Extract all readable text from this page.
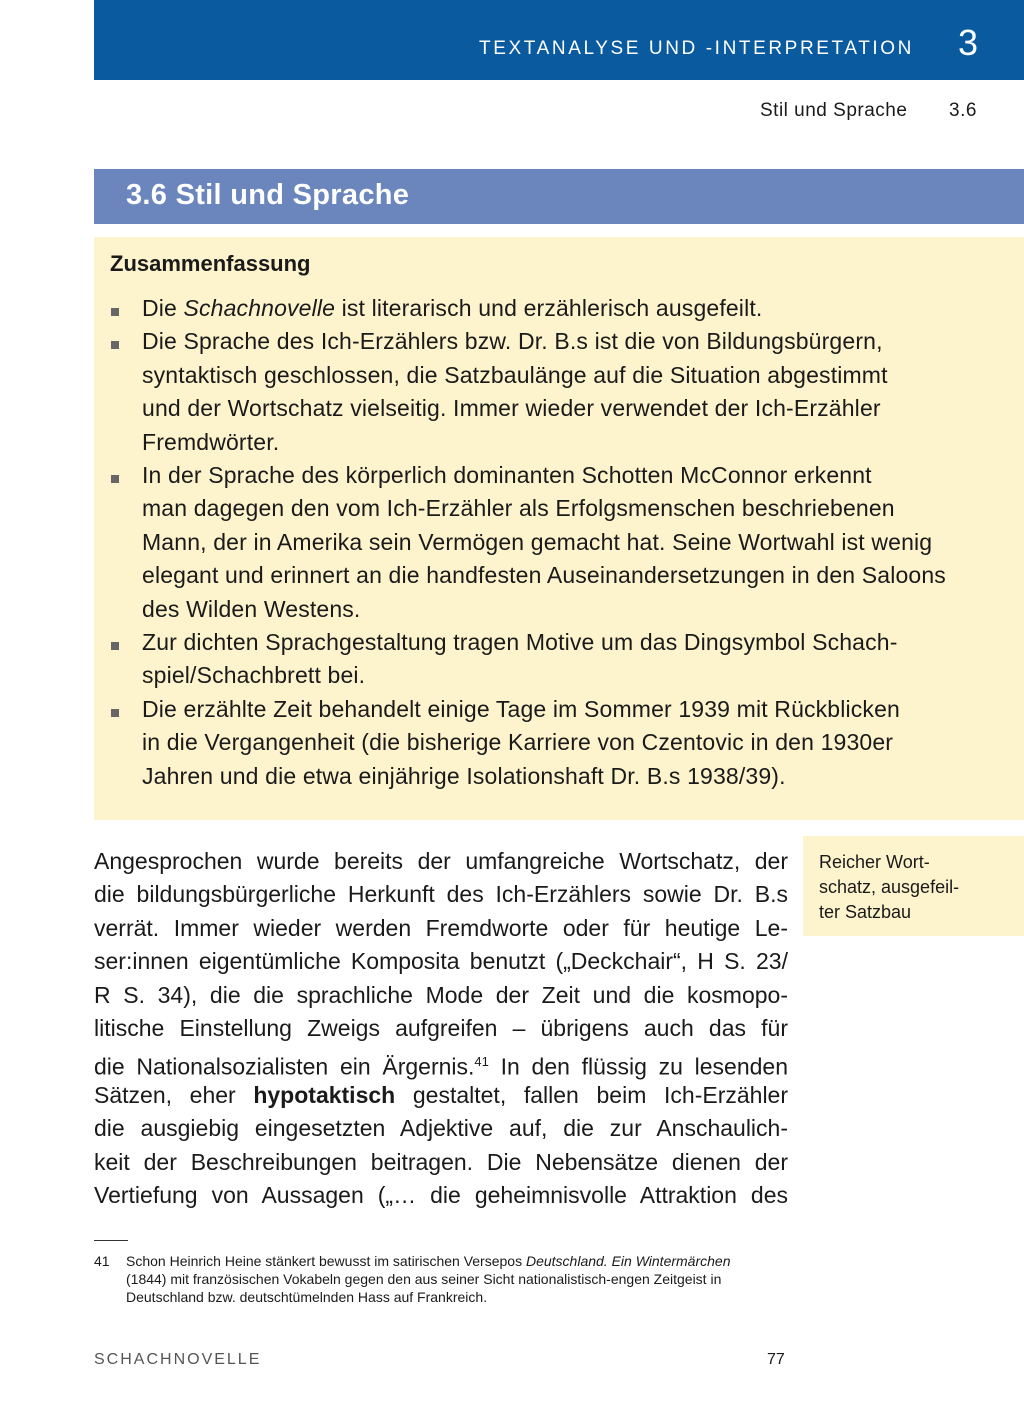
TEXTANALYSE UND -INTERPRETATION 3
Stil und Sprache 3.6
3.6 Stil und Sprache
Zusammenfassung
Die Schachnovelle ist literarisch und erzählerisch ausgefeilt.
Die Sprache des Ich-Erzählers bzw. Dr. B.s ist die von Bildungsbürgern,
syntaktisch geschlossen, die Satzbaulänge auf die Situation abgestimmt
und der Wortschatz vielseitig. Immer wieder verwendet der Ich-Erzähler
Fremdwörter.
In der Sprache des körperlich dominanten Schotten McConnor erkennt
man dagegen den vom Ich-Erzähler als Erfolgsmenschen beschriebenen
Mann, der in Amerika sein Vermögen gemacht hat. Seine Wortwahl ist wenig
elegant und erinnert an die handfesten Auseinandersetzungen in den Saloons
des Wilden Westens.
Zur dichten Sprachgestaltung tragen Motive um das Dingsymbol Schach-
spiel/Schachbrett bei.
Die erzählte Zeit behandelt einige Tage im Sommer 1939 mit Rückblicken
in die Vergangenheit (die bisherige Karriere von Czentovic in den 1930er
Jahren und die etwa einjährige Isolationshaft Dr. B.s 1938/39).
Angesprochen wurde bereits der umfangreiche Wortschatz, der
die bildungsbürgerliche Herkunft des Ich-Erzählers sowie Dr. B.s
verrät. Immer wieder werden Fremdworte oder für heutige Le-
ser:innen eigentümliche Komposita benutzt („Deckchair“, H S. 23/
R S. 34), die die sprachliche Mode der Zeit und die kosmopo-
litische Einstellung Zweigs aufgreifen – übrigens auch das für
die Nationalsozialisten ein Ärgernis.$^{41}$ In den flüssig zu lesenden
Sätzen, eher hypotaktisch gestaltet, fallen beim Ich-Erzähler
die ausgiebig eingesetzten Adjektive auf, die zur Anschaulich-
keit der Beschreibungen beitragen. Die Nebensätze dienen der
Vertiefung von Aussagen („… die geheimnisvolle Attraktion des
Reicher Wort-
schatz, ausgefeil-
ter Satzbau
41 Schon Heinrich Heine stänkert bewusst im satirischen Versepos Deutschland. Ein Wintermärchen
(1844) mit französischen Vokabeln gegen den aus seiner Sicht nationalistisch-engen Zeitgeist in
Deutschland bzw. deutschtümelnden Hass auf Frankreich.
SCHACHNOVELLE	77
